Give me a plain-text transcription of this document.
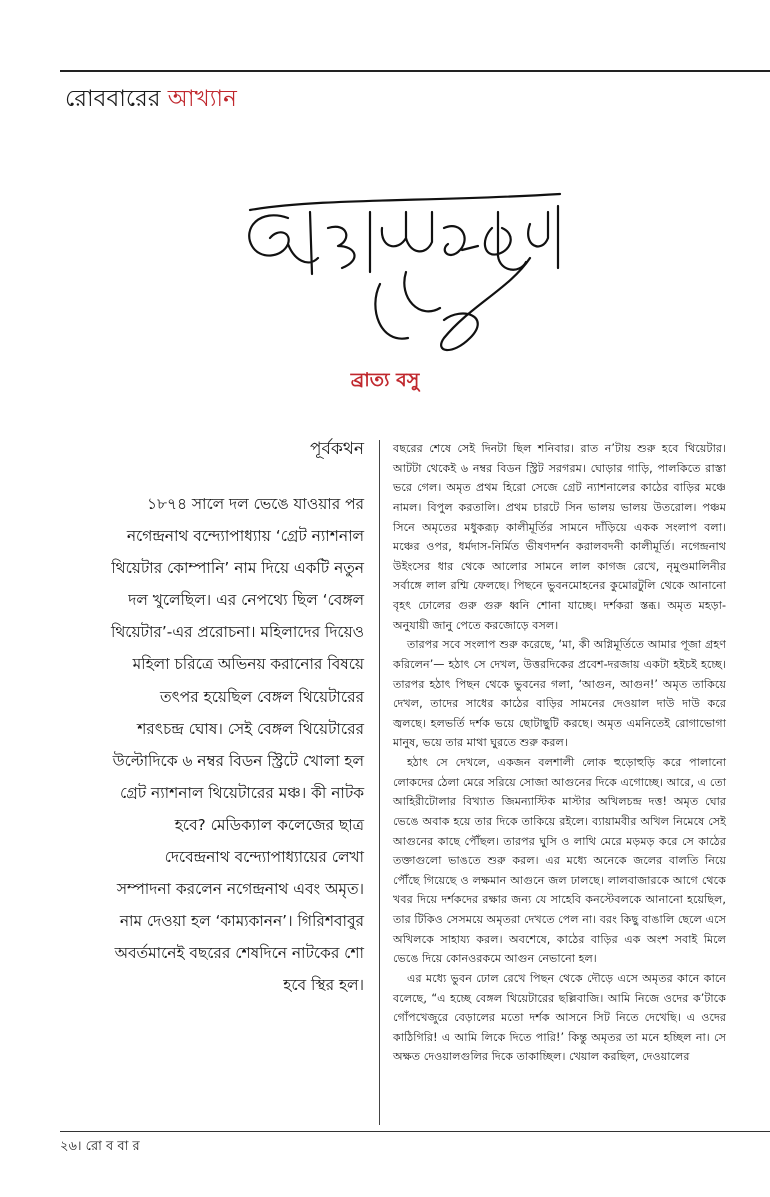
রোববারের আখ্যান
ব্রাত্য বসু
পূর্বকথন

১৮৭৪ সালে দল ভেঙে যাওয়ার পর নগেন্দ্রনাথ বন্দ্যোপাধ্যায় ‘গ্রেট ন্যাশনাল থিয়েটার কোম্পানি’ নাম দিয়ে একটি নতুন দল খুলেছিল। এর নেপথ্যে ছিল ‘বেঙ্গল থিয়েটার’-এর প্ররোচনা। মহিলাদের দিয়েও মহিলা চরিত্রে অভিনয় করানোর বিষয়ে তৎপর হয়েছিল বেঙ্গল থিয়েটারের শরৎচন্দ্র ঘোষ। সেই বেঙ্গল থিয়েটারের উল্টোদিকে ৬ নম্বর বিডন স্ট্রিটে খোলা হল গ্রেট ন্যাশনাল থিয়েটারের মঞ্চ। কী নাটক হবে? মেডিক্যাল কলেজের ছাত্র দেবেন্দ্রনাথ বন্দ্যোপাধ্যায়ের লেখা সম্পাদনা করলেন নগেন্দ্রনাথ এবং অমৃত। নাম দেওয়া হল ‘কাম্যকানন’। গিরিশবাবুর অবর্তমানেই বছরের শেষদিনে নাটকের শো হবে স্থির হল।

বছরের শেষে সেই দিনটা ছিল শনিবার। রাত ন’টায় শুরু হবে থিয়েটার। আটটা থেকেই ৬ নম্বর বিডন স্ট্রিট সরগরম। ঘোড়ার গাড়ি, পালকিতে রাস্তা ভরে গেল। অমৃত প্রথম হিরো সেজে গ্রেট ন্যাশনালের কাঠের বাড়ির মঞ্চে নামল। বিপুল করতালি। প্রথম চারটে সিন ভালয় ভালয় উতরোল। পঞ্চম সিনে অমৃতের মধুকরূঢ় কালীমূর্তির সামনে দাঁড়িয়ে একক সংলাপ বলা। মঞ্চের ওপর, ধর্মদাস-নির্মিত ভীষণদর্শন করালবদনী কালীমূর্তি। নগেন্দ্রনাথ উইংসের ধার থেকে আলোর সামনে লাল কাগজ রেখে, নৃমুণ্ডমালিনীর সর্বাঙ্গে লাল রশ্মি ফেলছে। পিছনে ভুবনমোহনের কুমোরটুলি থেকে আনানো বৃহৎ ঢোলের গুরু গুরু ধ্বনি শোনা যাচ্ছে। দর্শকরা স্তব্ধ। অমৃত মহড়া-অনুযায়ী জানু পেতে করজোড়ে বসল।

তারপর সবে সংলাপ শুরু করেছে, ‘মা, কী অগ্নিমূর্তিতে আমার পূজা গ্রহণ করিলেন’— হঠাৎ সে দেখল, উত্তরদিকের প্রবেশ-দরজায় একটা হইচই হচ্ছে। তারপর হঠাৎ পিছন থেকে ভুবনের গলা, ‘আগুন, আগুন!’ অমৃত তাকিয়ে দেখল, তাদের সাধের কাঠের বাড়ির সামনের দেওয়াল দাউ দাউ করে জ্বলছে। হলভর্তি দর্শক ভয়ে ছোটাছুটি করছে। অমৃত এমনিতেই রোগাভোগা মানুষ, ভয়ে তার মাথা ঘুরতে শুরু করল।

হঠাৎ সে দেখলে, একজন বলশালী লোক হুড়োহুড়ি করে পালানো লোকদের ঠেলা মেরে সরিয়ে সোজা আগুনের দিকে এগোচ্ছে। আরে, এ তো আহিরীটোলার বিখ্যাত জিমন্যাস্টিক মাস্টার অখিলচন্দ্র দত্ত! অমৃত ঘোর ভেঙে অবাক হয়ে তার দিকে তাকিয়ে রইলে। ব্যায়ামবীর অখিল নিমেষে সেই আগুনের কাছে পৌঁছল। তারপর ঘুসি ও লাথি মেরে মড়মড় করে সে কাঠের তক্তাগুলো ভাঙতে শুরু করল। এর মধ্যে অনেকে জলের বালতি নিয়ে পৌঁছে গিয়েছে ও লক্ষমান আগুনে জল ঢালছে। লালবাজারকে আগে থেকে খবর দিয়ে দর্শকদের রক্ষার জন্য যে সাহেবি কনস্টেবলকে আনানো হয়েছিল, তার টিকিও সেসময়ে অমৃতরা দেখতে পেল না। বরং কিছু বাঙালি ছেলে এসে অখিলকে সাহায্য করল। অবশেষে, কাঠের বাড়ির এক অংশ সবাই মিলে ভেঙে দিয়ে কোনওরকমে আগুন নেভানো হল।

এর মধ্যে ভুবন ঢোল রেখে পিছন থেকে দৌড়ে এসে অমৃতর কানে কানে বলেছে, “এ হচ্ছে বেঙ্গল থিয়েটারের ছল্লিবাজি। আমি নিজে ওদের ক’টাকে গোঁপখেজুরে বেড়ালের মতো দর্শক আসনে সিট নিতে দেখেছি। এ ওদের কাঠিগিরি! এ আমি লিকে দিতে পারি!’ কিন্তু অমৃতর তা মনে হচ্ছিল না। সে অক্ষত দেওয়ালগুলির দিকে তাকাচ্ছিল। খেয়াল করছিল, দেওয়ালের

২৬। রো ব বা র
